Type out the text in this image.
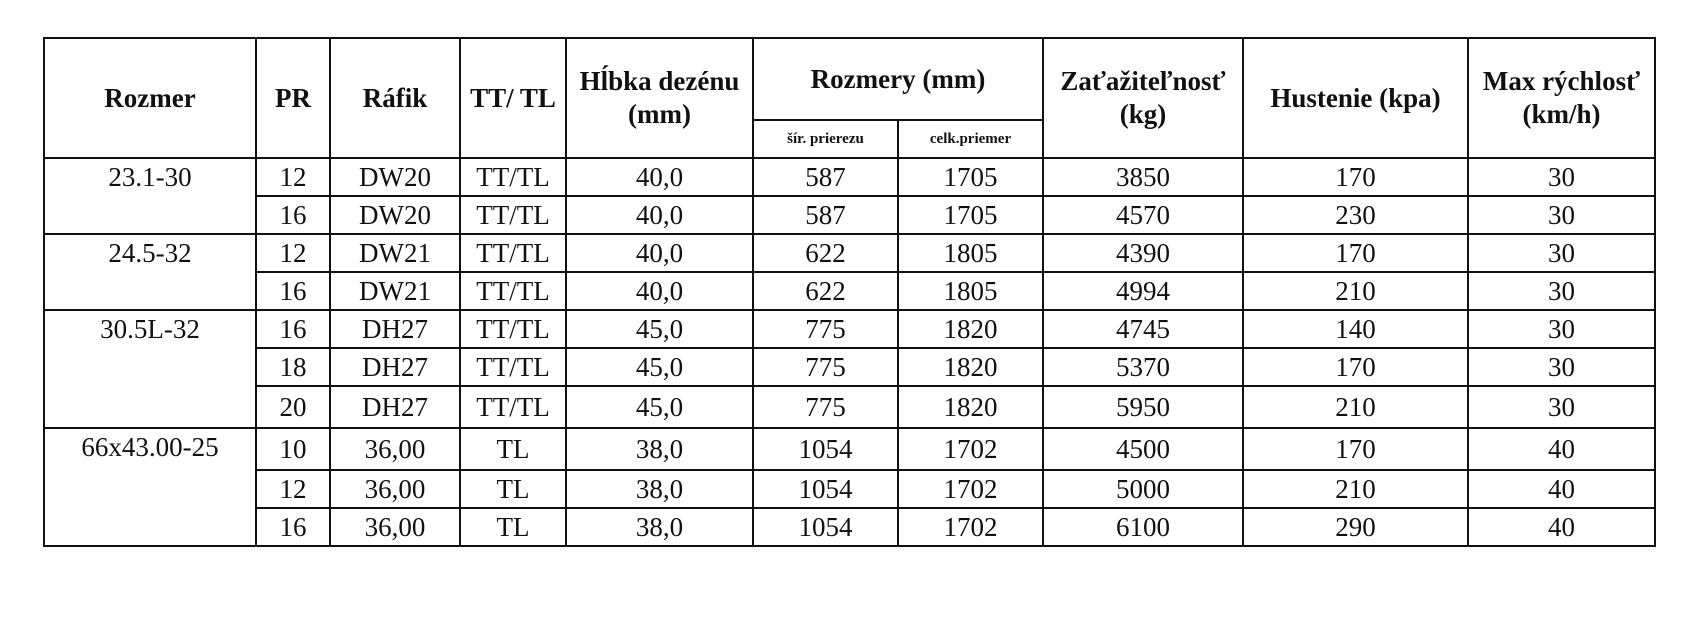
Rozmer	PR	Ráfik	TT/ TL	Hĺbka dezénu (mm)	Rozmery (mm)		Zaťažiteľnosť (kg)	Hustenie (kpa)	Max rýchlosť (km/h)
					šír. prierezu	celk.priemer			
23.1-30	12	DW20	TT/TL	40,0	587	1705	3850	170	30
	16	DW20	TT/TL	40,0	587	1705	4570	230	30
24.5-32	12	DW21	TT/TL	40,0	622	1805	4390	170	30
	16	DW21	TT/TL	40,0	622	1805	4994	210	30
30.5L-32	16	DH27	TT/TL	45,0	775	1820	4745	140	30
	18	DH27	TT/TL	45,0	775	1820	5370	170	30
	20	DH27	TT/TL	45,0	775	1820	5950	210	30
66x43.00-25	10	36,00	TL	38,0	1054	1702	4500	170	40
	12	36,00	TL	38,0	1054	1702	5000	210	40
	16	36,00	TL	38,0	1054	1702	6100	290	40
